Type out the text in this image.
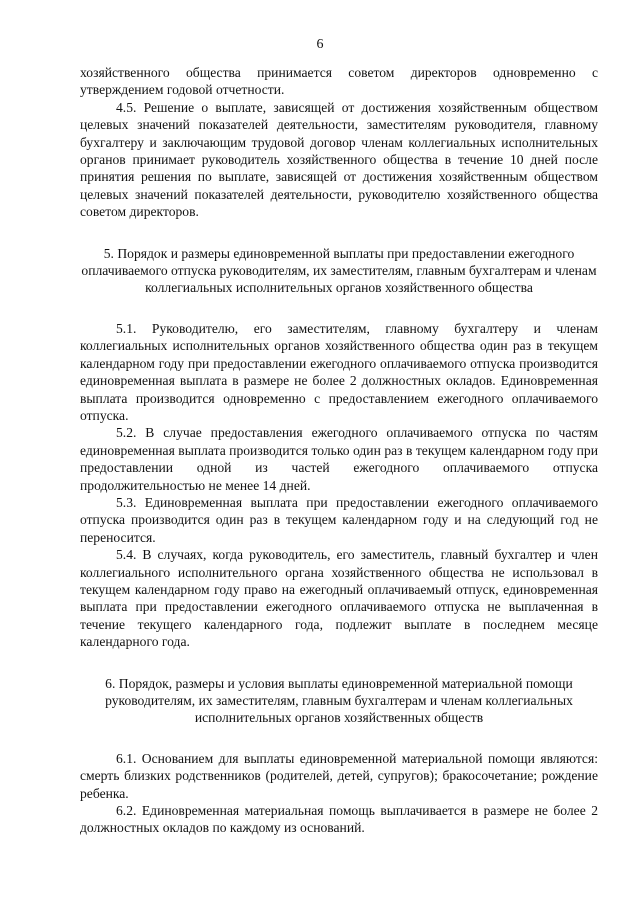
6

хозяйственного общества принимается советом директоров одновременно с утверждением годовой отчетности.

4.5. Решение о выплате, зависящей от достижения хозяйственным обществом целевых значений показателей деятельности, заместителям руководителя, главному бухгалтеру и заключающим трудовой договор членам коллегиальных исполнительных органов принимает руководитель хозяйственного общества в течение 10 дней после принятия решения по выплате, зависящей от достижения хозяйственным обществом целевых значений показателей деятельности, руководителю хозяйственного общества советом директоров.

5. Порядок и размеры единовременной выплаты при предоставлении ежегодного оплачиваемого отпуска руководителям, их заместителям, главным бухгалтерам и членам коллегиальных исполнительных органов хозяйственного общества

5.1. Руководителю, его заместителям, главному бухгалтеру и членам коллегиальных исполнительных органов хозяйственного общества один раз в текущем календарном году при предоставлении ежегодного оплачиваемого отпуска производится единовременная выплата в размере не более 2 должностных окладов. Единовременная выплата производится одновременно с предоставлением ежегодного оплачиваемого отпуска.

5.2. В случае предоставления ежегодного оплачиваемого отпуска по частям единовременная выплата производится только один раз в текущем календарном году при предоставлении одной из частей ежегодного оплачиваемого отпуска продолжительностью не менее 14 дней.

5.3. Единовременная выплата при предоставлении ежегодного оплачиваемого отпуска производится один раз в текущем календарном году и на следующий год не переносится.

5.4. В случаях, когда руководитель, его заместитель, главный бухгалтер и член коллегиального исполнительного органа хозяйственного общества не использовал в текущем календарном году право на ежегодный оплачиваемый отпуск, единовременная выплата при предоставлении ежегодного оплачиваемого отпуска не выплаченная в течение текущего календарного года, подлежит выплате в последнем месяце календарного года.

6. Порядок, размеры и условия выплаты единовременной материальной помощи руководителям, их заместителям, главным бухгалтерам и членам коллегиальных исполнительных органов хозяйственных обществ

6.1. Основанием для выплаты единовременной материальной помощи являются: смерть близких родственников (родителей, детей, супругов); бракосочетание; рождение ребенка.

6.2. Единовременная материальная помощь выплачивается в размере не более 2 должностных окладов по каждому из оснований.
